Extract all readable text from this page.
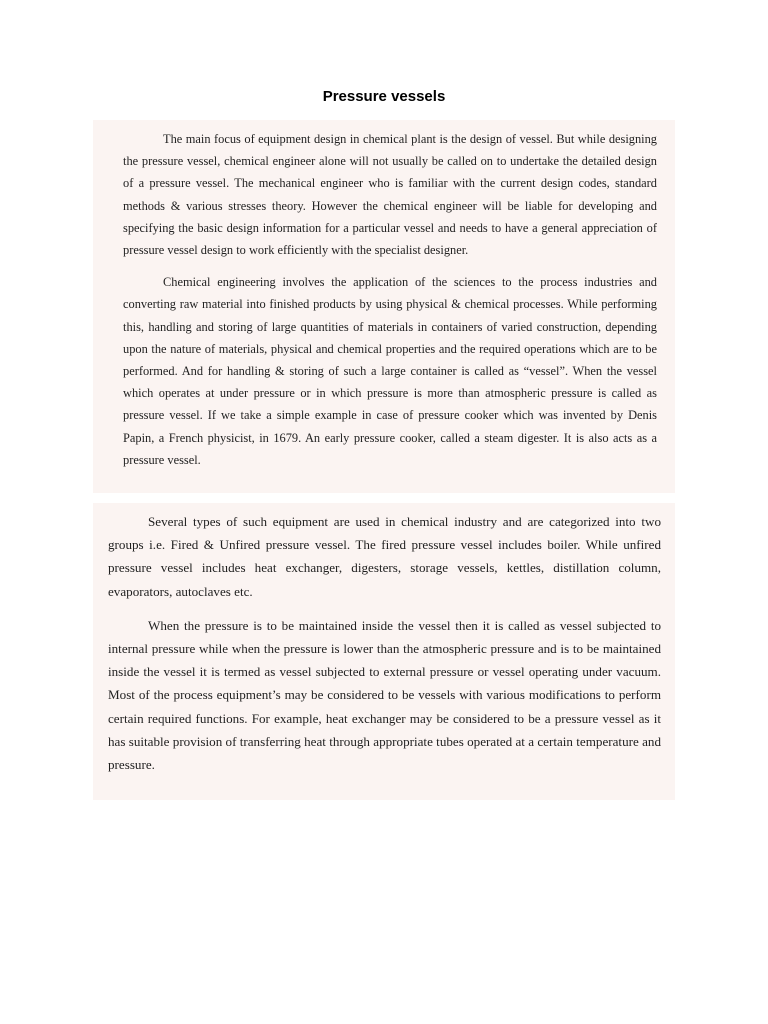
Pressure vessels

The main focus of equipment design in chemical plant is the design of vessel. But while designing the pressure vessel, chemical engineer alone will not usually be called on to undertake the detailed design of a pressure vessel. The mechanical engineer who is familiar with the current design codes, standard methods & various stresses theory. However the chemical engineer will be liable for developing and specifying the basic design information for a particular vessel and needs to have a general appreciation of pressure vessel design to work efficiently with the specialist designer.

Chemical engineering involves the application of the sciences to the process industries and converting raw material into finished products by using physical & chemical processes. While performing this, handling and storing of large quantities of materials in containers of varied construction, depending upon the nature of materials, physical and chemical properties and the required operations which are to be performed. And for handling & storing of such a large container is called as “vessel”. When the vessel which operates at under pressure or in which pressure is more than atmospheric pressure is called as pressure vessel. If we take a simple example in case of pressure cooker which was invented by Denis Papin, a French physicist, in 1679. An early pressure cooker, called a steam digester. It is also acts as a pressure vessel.

Several types of such equipment are used in chemical industry and are categorized into two groups i.e. Fired & Unfired pressure vessel. The fired pressure vessel includes boiler. While unfired pressure vessel includes heat exchanger, digesters, storage vessels, kettles, distillation column, evaporators, autoclaves etc.

When the pressure is to be maintained inside the vessel then it is called as vessel subjected to internal pressure while when the pressure is lower than the atmospheric pressure and is to be maintained inside the vessel it is termed as vessel subjected to external pressure or vessel operating under vacuum. Most of the process equipment’s may be considered to be vessels with various modifications to perform certain required functions. For example, heat exchanger may be considered to be a pressure vessel as it has suitable provision of transferring heat through appropriate tubes operated at a certain temperature and pressure.
